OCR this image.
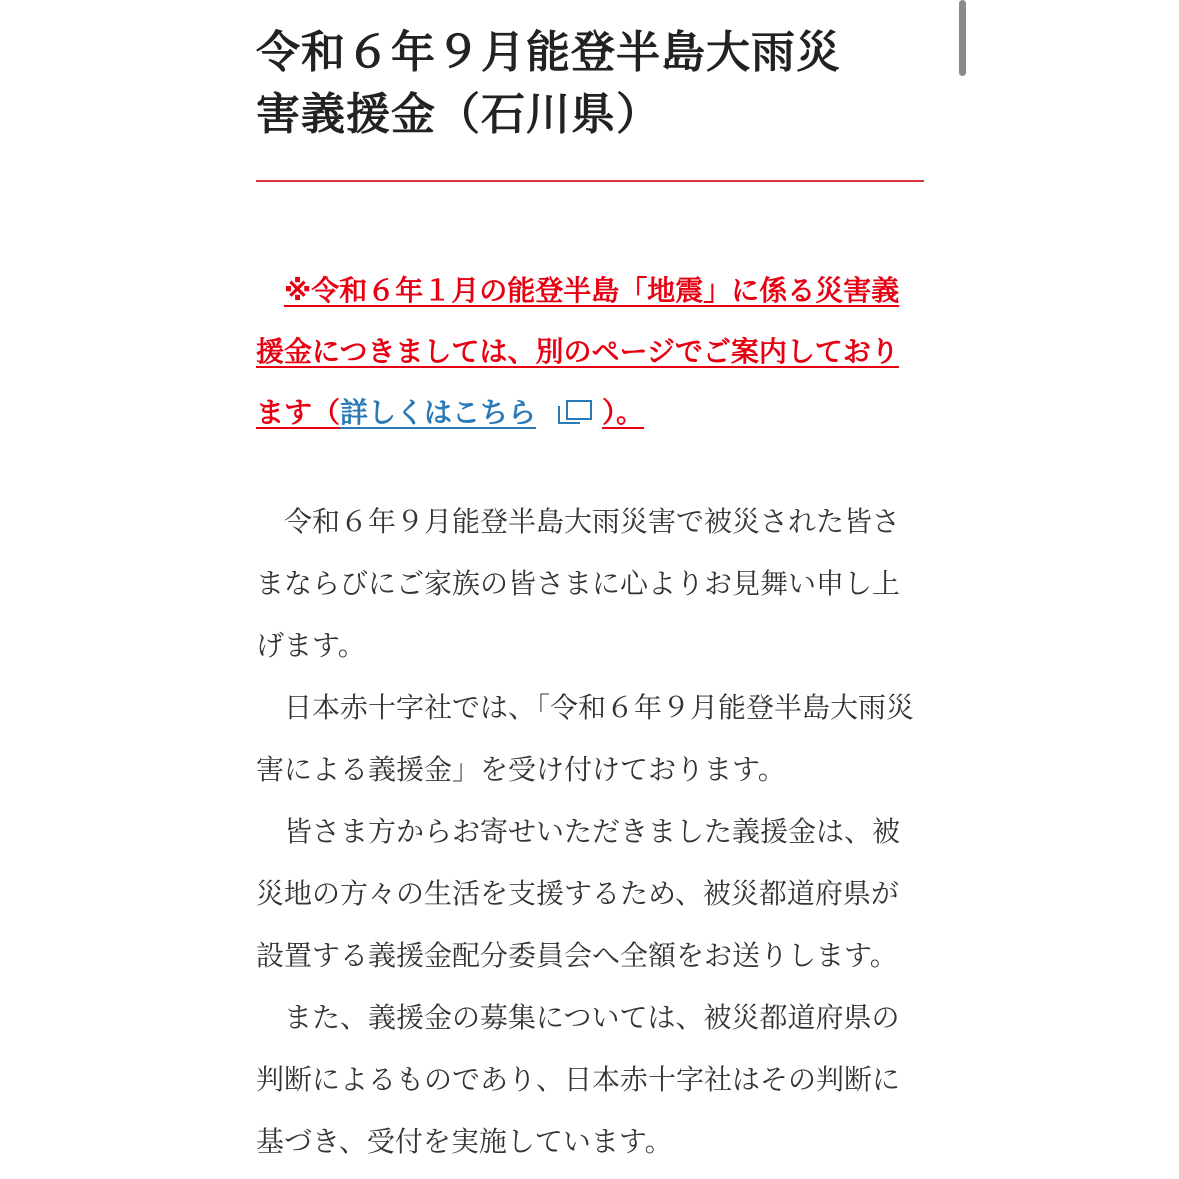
令和６年９月能登半島大雨災
害義援金（石川県）
※令和６年１月の能登半島「地震」に係る災害義援金につきましては、別のページでご案内しております（詳しくはこちら ）。

令和６年９月能登半島大雨災害で被災された皆さまならびにご家族の皆さまに心よりお見舞い申し上げます。

日本赤十字社では、「令和６年９月能登半島大雨災害による義援金」を受け付けております。

皆さま方からお寄せいただきました義援金は、被災地の方々の生活を支援するため、被災都道府県が設置する義援金配分委員会へ全額をお送りします。

また、義援金の募集については、被災都道府県の判断によるものであり、日本赤十字社はその判断に基づき、受付を実施しています。
